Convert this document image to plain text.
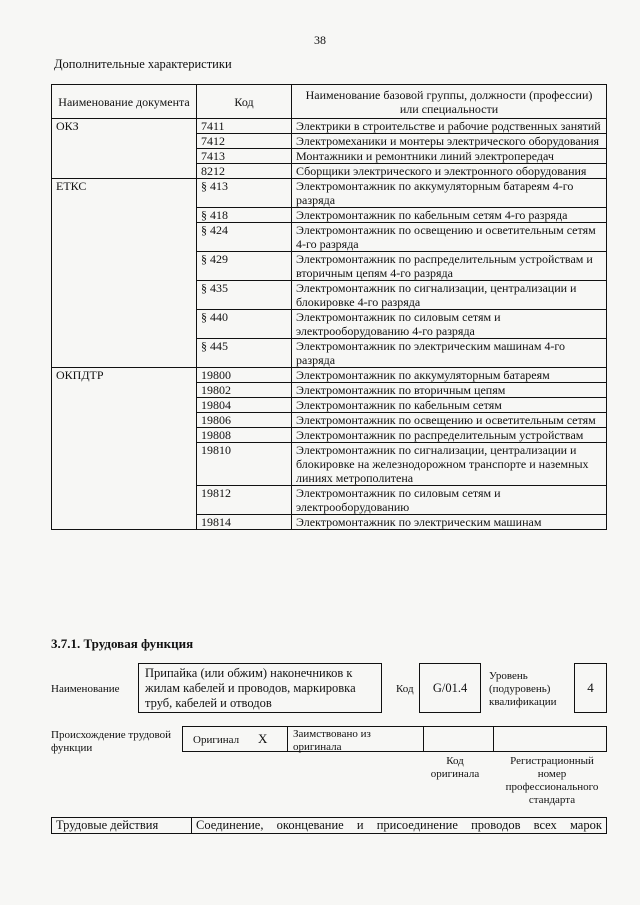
38
Дополнительные характеристики
Наименование документа	Код	Наименование базовой группы, должности (профессии) или специальности
ОКЗ	7411	Электрики в строительстве и рабочие родственных занятий
	7412	Электромеханики и монтеры электрического оборудования
	7413	Монтажники и ремонтники линий электропередач
	8212	Сборщики электрического и электронного оборудования
ЕТКС	§ 413	Электромонтажник по аккумуляторным батареям 4-го разряда
	§ 418	Электромонтажник по кабельным сетям 4-го разряда
	§ 424	Электромонтажник по освещению и осветительным сетям 4-го разряда
	§ 429	Электромонтажник по распределительным устройствам и вторичным цепям 4-го разряда
	§ 435	Электромонтажник по сигнализации, централизации и блокировке 4-го разряда
	§ 440	Электромонтажник по силовым сетям и электрооборудованию 4-го разряда
	§ 445	Электромонтажник по электрическим машинам 4-го разряда
ОКПДТР	19800	Электромонтажник по аккумуляторным батареям
	19802	Электромонтажник по вторичным цепям
	19804	Электромонтажник по кабельным сетям
	19806	Электромонтажник по освещению и осветительным сетям
	19808	Электромонтажник по распределительным устройствам
	19810	Электромонтажник по сигнализации, централизации и блокировке на железнодорожном транспорте и наземных линиях метрополитена
	19812	Электромонтажник по силовым сетям и электрооборудованию
	19814	Электромонтажник по электрическим машинам
3.7.1. Трудовая функция
Наименование
Припайка (или обжим) наконечников к жилам кабелей и проводов, маркировка труб, кабелей и отводов
Код	G/01.4
Уровень (подуровень) квалификации
4
Происхождение трудовой функции
Оригинал X Заимствовано из оригинала
Код оригинала
Регистрационный номер профессионального стандарта
Трудовые действия	Соединение, оконцевание и присоединение проводов всех марок
